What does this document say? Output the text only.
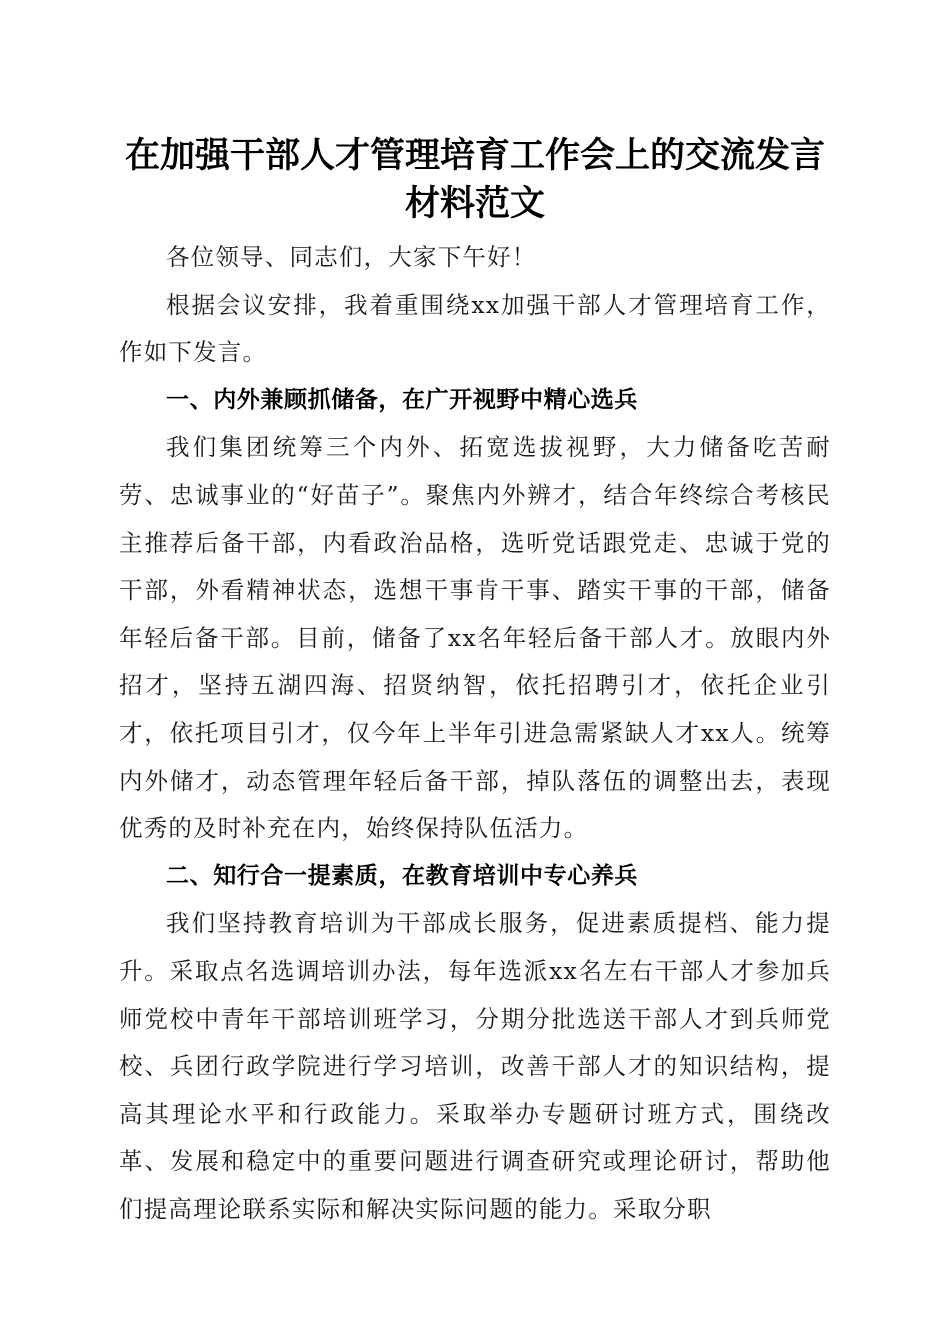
在加强干部人才管理培育工作会上的交流发言
材料范文

各位领导、同志们，大家下午好！

根据会议安排，我着重围绕xx加强干部人才管理培育工作，作如下发言。

一、内外兼顾抓储备，在广开视野中精心选兵

我们集团统筹三个内外、拓宽选拔视野，大力储备吃苦耐劳、忠诚事业的“好苗子”。聚焦内外辨才，结合年终综合考核民主推荐后备干部，内看政治品格，选听党话跟党走、忠诚于党的干部，外看精神状态，选想干事肯干事、踏实干事的干部，储备年轻后备干部。目前，储备了xx名年轻后备干部人才。放眼内外招才，坚持五湖四海、招贤纳智，依托招聘引才，依托企业引才，依托项目引才，仅今年上半年引进急需紧缺人才xx人。统筹内外储才，动态管理年轻后备干部，掉队落伍的调整出去，表现优秀的及时补充在内，始终保持队伍活力。

二、知行合一提素质，在教育培训中专心养兵

我们坚持教育培训为干部成长服务，促进素质提档、能力提升。采取点名选调培训办法，每年选派xx名左右干部人才参加兵师党校中青年干部培训班学习，分期分批选送干部人才到兵师党校、兵团行政学院进行学习培训，改善干部人才的知识结构，提高其理论水平和行政能力。采取举办专题研讨班方式，围绕改革、发展和稳定中的重要问题进行调查研究或理论研讨，帮助他们提高理论联系实际和解决实际问题的能力。采取分职
